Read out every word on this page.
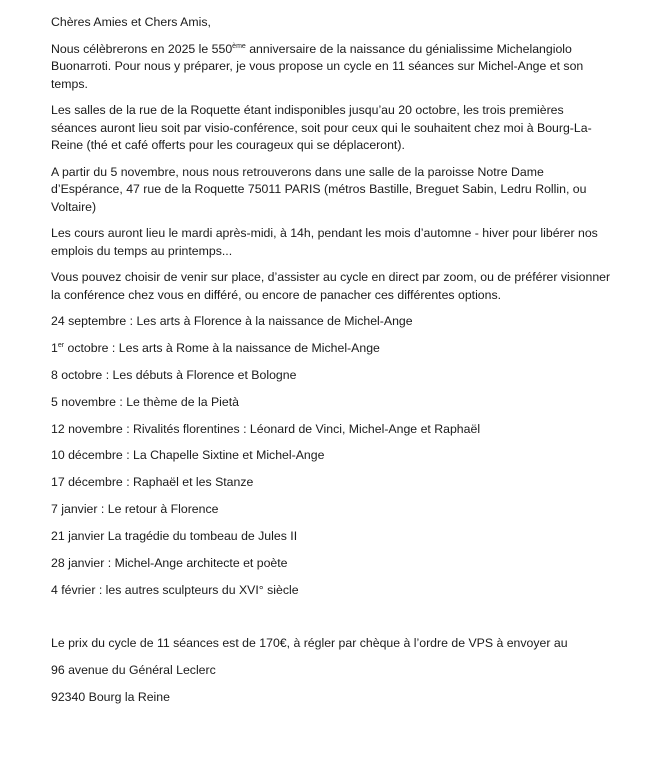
Chères Amies et Chers Amis,

Nous célèbrerons en 2025 le 550ème anniversaire de la naissance du génialissime Michelangiolo Buonarroti. Pour nous y préparer, je vous propose un cycle en 11 séances sur Michel-Ange et son temps.

Les salles de la rue de la Roquette étant indisponibles jusqu’au 20 octobre, les trois premières séances auront lieu soit par visio-conférence, soit pour ceux qui le souhaitent chez moi à Bourg-La-Reine (thé et café offerts pour les courageux qui se déplaceront).

A partir du 5 novembre, nous nous retrouverons dans une salle de la paroisse Notre Dame d’Espérance, 47 rue de la Roquette 75011 PARIS (métros Bastille, Breguet Sabin, Ledru Rollin, ou Voltaire)

Les cours auront lieu le mardi après-midi, à 14h, pendant les mois d’automne - hiver pour libérer nos emplois du temps au printemps...

Vous pouvez choisir de venir sur place, d’assister au cycle en direct par zoom, ou de préférer visionner la conférence chez vous en différé, ou encore de panacher ces différentes options.

24 septembre : Les arts à Florence à la naissance de Michel-Ange

1er octobre : Les arts à Rome à la naissance de Michel-Ange

8 octobre : Les débuts à Florence et Bologne

5 novembre : Le thème de la Pietà

12 novembre : Rivalités florentines : Léonard de Vinci, Michel-Ange et Raphaël

10 décembre : La Chapelle Sixtine et Michel-Ange

17 décembre : Raphaël et les Stanze

7 janvier : Le retour à Florence

21 janvier La tragédie du tombeau de Jules II

28 janvier : Michel-Ange architecte et poète

4 février : les autres sculpteurs du XVI° siècle

Le prix du cycle de 11 séances est de 170€, à régler par chèque à l’ordre de VPS à envoyer au

96 avenue du Général Leclerc

92340 Bourg la Reine
